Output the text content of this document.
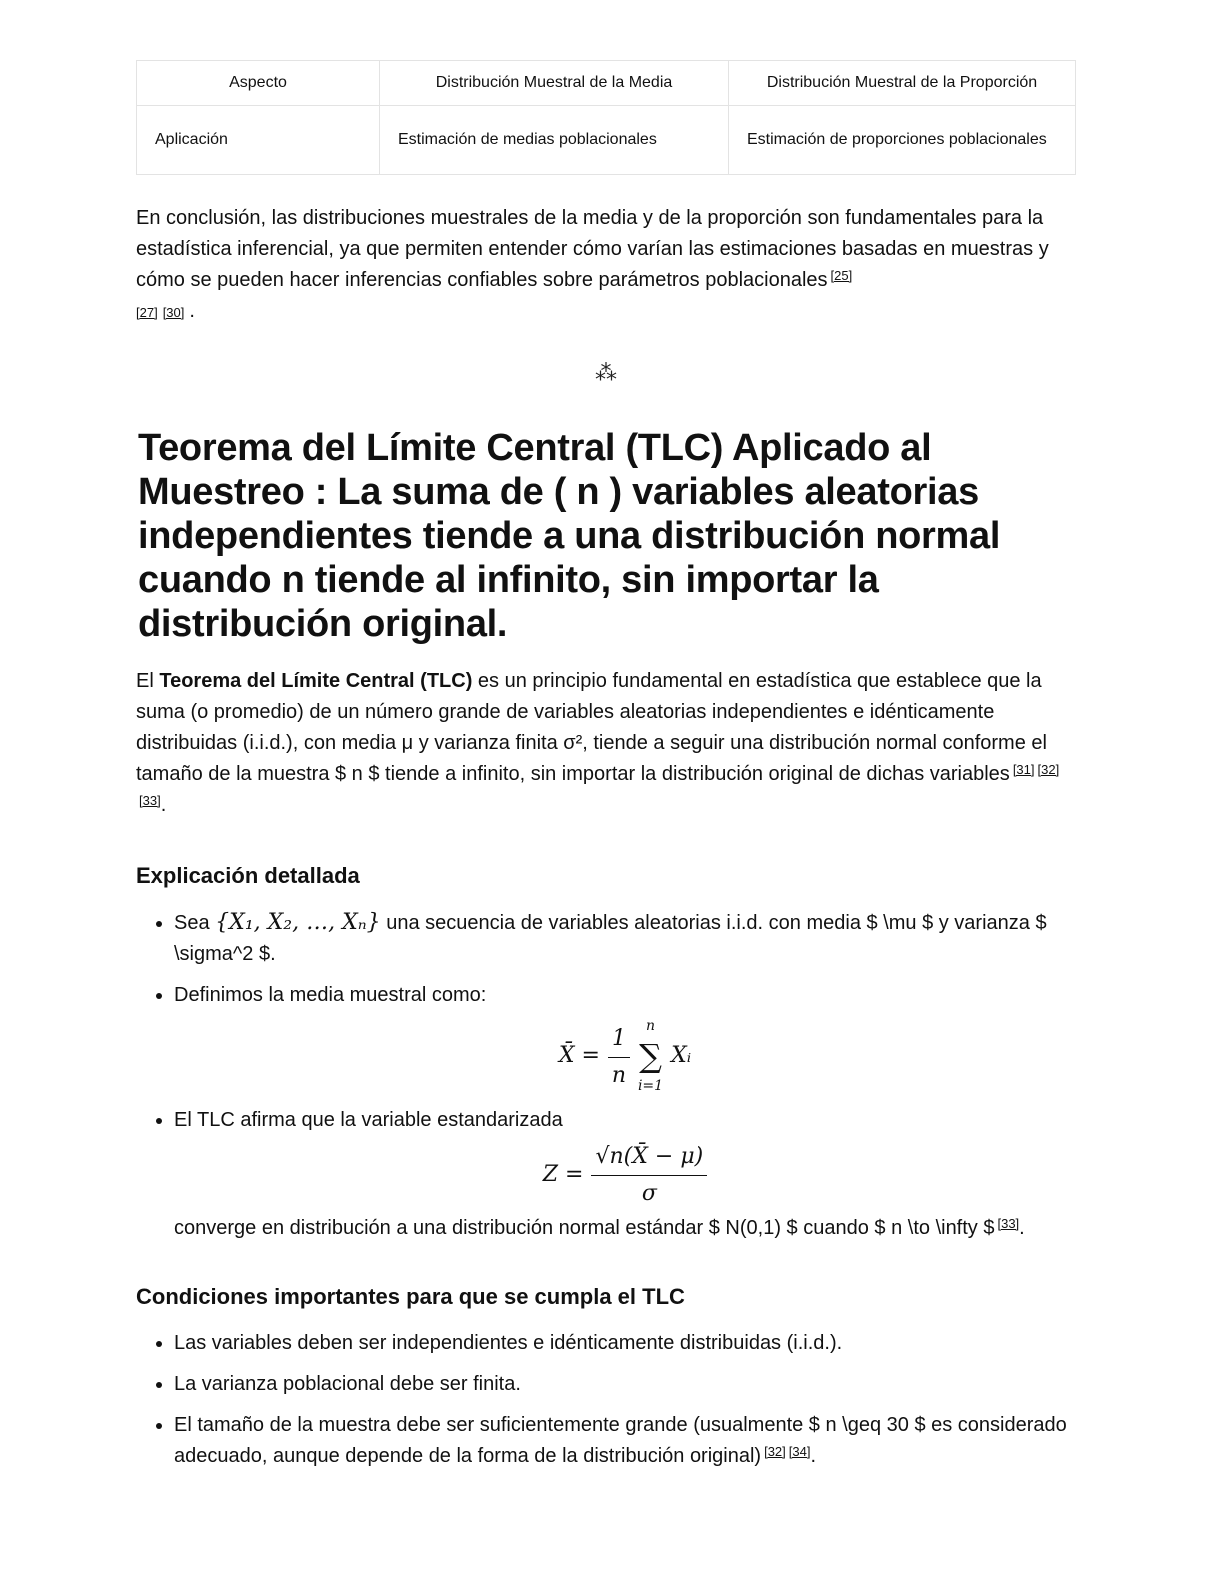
Aspecto	Distribución Muestral de la Media	Distribución Muestral de la Proporción
Aplicación	Estimación de medias poblacionales	Estimación de proporciones poblacionales

En conclusión, las distribuciones muestrales de la media y de la proporción son fundamentales para la estadística inferencial, ya que permiten entender cómo varían las estimaciones basadas en muestras y cómo se pueden hacer inferencias confiables sobre parámetros poblacionales [25]
[27] [30] .

⁂
Teorema del Límite Central (TLC) Aplicado al Muestreo : La suma de ( n ) variables aleatorias independientes tiende a una distribución normal cuando n tiende al infinito, sin importar la distribución original.

El Teorema del Límite Central (TLC) es un principio fundamental en estadística que establece que la suma (o promedio) de un número grande de variables aleatorias independientes e idénticamente distribuidas (i.i.d.), con media μ y varianza finita σ², tiende a seguir una distribución normal conforme el tamaño de la muestra $ n $ tiende a infinito, sin importar la distribución original de dichas variables [31] [32][33].

Explicación detallada
• Sea {X₁, X₂, …, Xₙ} una secuencia de variables aleatorias i.i.d. con media $ \mu $ y varianza $ \sigma^2 $.
• Definimos la media muestral como:
X̄ = $\frac{1}{n}$ n
∑
i=1
Xᵢ
• El TLC afirma que la variable estandarizada
$Z = \frac{√n(X̄ - \mu)}{\sigma}$
converge en distribución a una distribución normal estándar $ N(0,1) $ cuando $ n \to \infty $ [33].
Condiciones importantes para que se cumpla el TLC
• Las variables deben ser independientes e idénticamente distribuidas (i.i.d.).
• La varianza poblacional debe ser finita.
• El tamaño de la muestra debe ser suficientemente grande (usualmente $ n \geq 30 $ es considerado adecuado, aunque depende de la forma de la distribución original) [32] [34].
